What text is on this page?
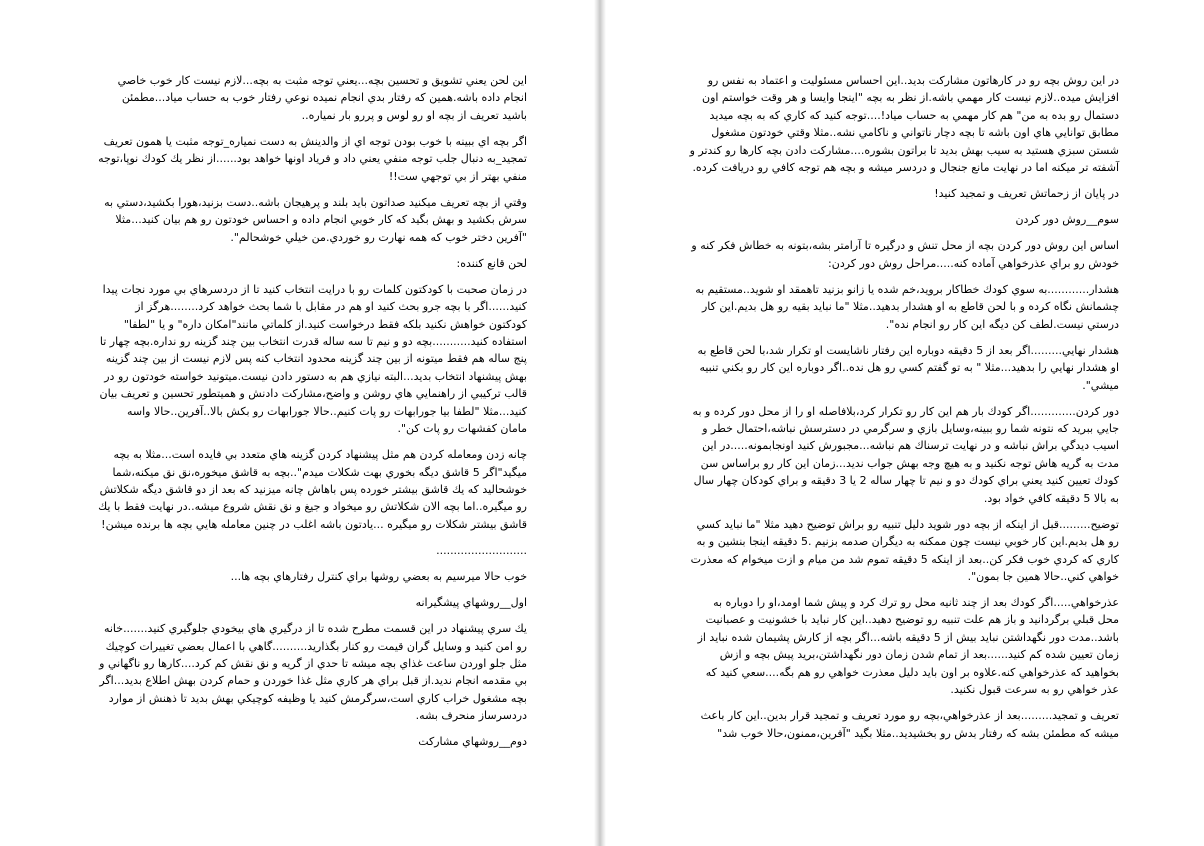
اين لحن يعني تشويق و تحسين بچه...يعني توجه مثبت به بچه...لازم نيست كار خوب خاصي انجام داده باشه.همين كه رفتار بدي انجام نميده نوعي رفتار خوب به حساب مياد...مطمئن باشيد تعريف از بچه او رو لوس و پررو بار نمياره..

اگر بچه اي ببينه با خوب بودن توجه اي از والدينش به دست نمياره_توجه مثبت يا همون تعريف تمجيد_به دنبال جلب توجه منفي يعني داد و فرياد اونها خواهد بود......از نظر يك كودك نوپا،توجه منفي بهتر از بي توجهي ست!!

وقتي از بچه تعريف ميكنيد صداتون بايد بلند و پرهيجان باشه..دست بزنيد،هورا بكشيد،دستي به سرش بكشيد و بهش بگيد كه كار خوبي انجام داده و احساس خودتون رو هم بيان كنيد...مثلا "آفرين دختر خوب كه همه نهارت رو خوردي.من خيلي خوشحالم".

لحن قانع كننده:

در زمان صحبت با كودكتون كلمات رو با درايت انتخاب كنيد تا از دردسرهاي بي مورد نجات پيدا كنيد......اگر با بچه جرو بحث كنيد او هم در مقابل با شما بحث خواهد كرد........هرگز از كودكتون خواهش نكنيد بلكه فقط درخواست كنيد.از كلماتي مانند"امكان داره" و يا "لطفا" استفاده كنيد...........بچه دو و نيم تا سه ساله قدرت انتخاب بين چند گزينه رو نداره.بچه چهار تا پنج ساله هم فقط ميتونه از بين چند گزينه محدود انتخاب كنه پس لازم نيست از بين چند گزينه بهش پيشنهاد انتخاب بديد...البته نيازي هم به دستور دادن نيست.ميتونيد خواسته خودتون رو در قالب تركيبي از راهنمايي هاي روشن و واضح،مشاركت دادنش و هميتطور تحسين و تعريف بيان كنيد...مثلا "لطفا بيا جورابهات رو پات كنيم..حالا جورابهات رو بكش بالا..آفرين..حالا واسه مامان كفشهات رو پات كن".

چانه زدن ومعامله كردن هم مثل پيشنهاد كردن گزينه هاي متعدد بي فايده است...مثلا به بچه ميگيد"اگر 5 قاشق ديگه بخوري بهت شكلات ميدم"..بچه به قاشق ميخوره،نق نق ميكنه،شما خوشحاليد كه يك قاشق بيشتر خورده پس باهاش چانه ميزنيد كه بعد از دو قاشق ديگه شكلاتش رو ميگيره..اما بچه الان شكلاتش رو ميخواد و جيغ و نق نقش شروع ميشه..در نهايت فقط با يك قاشق بيشتر شكلات رو ميگيره ...يادتون باشه اغلب در چنين معامله هايي بچه ها برنده ميشن!

..........................

خوب حالا ميرسيم به بعضي روشها براي كنترل رفتارهاي بچه ها...

اول__روشهاي پيشگيرانه

يك سري پيشنهاد در اين قسمت مطرح شده تا از درگيري هاي بيخودي جلوگيري كنيد.......خانه رو امن كنيد و وسايل گران قيمت رو كنار بگذاريد..........گاهي با اعمال بعضي تغييرات كوچيك مثل جلو اوردن ساعت غذاي بچه ميشه تا حدي از گريه و نق نقش كم كرد....كارها رو ناگهاني و بي مقدمه انجام نديد.از قبل براي هر كاري مثل غذا خوردن و حمام كردن بهش اطلاع بديد...اگر بچه مشغول خراب كاري است،سرگرمش كنيد يا وظيفه كوچيكي بهش بديد تا ذهنش از موارد دردسرساز منحرف بشه.

دوم__روشهاي مشاركت

در اين روش بچه رو در كارهاتون مشاركت بديد..اين احساس مسئوليت و اعتماد به نفس رو افزايش ميده..لازم نيست كار مهمي باشه.از نظر به بچه "اينجا وايسا و هر وقت خواستم اون دستمال رو بده به من" هم كار مهمي به حساب مياد!....توجه كنيد كه كاري كه به بچه ميديد مطابق توانايي هاي اون باشه تا بچه دچار ناتواني و ناكامي نشه..مثلا وقتي خودتون مشغول شستن سبزي هستيد به سيب بهش بديد تا براتون بشوره....مشاركت دادن بچه كارها رو كندتر و آشفته تر ميكنه اما در نهايت مانع جنجال و دردسر ميشه و بچه هم توجه كافي رو دريافت كرده.

در پايان از زحماتش تعريف و تمجيد كنيد!

سوم__روش دور كردن

اساس اين روش دور كردن بچه از محل تنش و درگيره تا آرامتر بشه،بتونه به خطاش فكر كنه و خودش رو براي عذرخواهي آماده كنه.....مراحل روش دور كردن:

هشدار............به سوي كودك خطاكار برويد،خم شده يا زانو بزنيد تاهمقد او شويد..مستقيم به چشمانش نگاه كرده و با لحن قاطع به او هشدار بدهيد..مثلا "ما نبايد بقيه رو هل بديم.اين كار درستي نيست.لطف كن ديگه اين كار رو انجام نده".

هشدار نهايي.........اگر بعد از 5 دقيقه دوباره اين رفتار ناشايست او تكرار شد،با لحن قاطع به او هشدار نهايي را بدهيد...مثلا " به تو گفتم كسي رو هل نده..اگر دوباره اين كار رو بكني تنبيه ميشي".

دور كردن.............اگر كودك بار هم اين كار رو تكرار كرد،بلافاصله او را از محل دور كرده و به جايي ببريد كه نتونه شما رو ببينه،وسايل بازي و سرگرمي در دسترسش نباشه،احتمال خطر و اسيب ديدگي براش نباشه و در نهايت ترسناك هم نباشه...مجبورش كنيد اونجابمونه.....در اين مدت به گريه هاش توجه نكنيد و به هيچ وجه بهش جواب نديد...زمان اين كار رو براساس سن كودك تعيين كنيد يعني براي كودك دو و نيم تا چهار ساله 2 يا 3 دقيقه و براي كودكان چهار سال به بالا 5 دقيقه كافي خواد بود.

توضيح.........قبل از اينكه از بچه دور شويد دليل تنبيه رو براش توضيح دهيد مثلا "ما نبايد كسي رو هل بديم.اين كار خوبي نيست چون ممكنه به ديگران صدمه بزنيم .5 دقيقه اينجا بنشين و به كاري كه كردي خوب فكر كن..بعد از اينكه 5 دقيقه تموم شد من ميام و ازت ميخوام كه معذرت خواهي كني..حالا همين جا بمون".

عذرخواهي.....اگر كودك بعد از چند ثانيه محل رو ترك كرد و پيش شما اومد،او را دوباره به محل قبلي برگردانيد و باز هم علت تنبيه رو توضيح دهيد..اين كار نبايد با خشونيت و عصبانيت باشد..مدت دور نگهداشتن نبايد بيش از 5 دقيقه باشه...اگر بچه از كارش پشيمان شده نبايد از زمان تعيين شده كم كنيد......بعد از تمام شدن زمان دور نگهداشتن،بريد پيش بچه و ازش بخواهيد كه عذرخواهي كنه.علاوه بر اون بايد دليل معذرت خواهي رو هم بگه....سعي كنيد كه عذر خواهي رو به سرعت قبول نكنيد.

تعريف و تمجيد.........بعد از عذرخواهي،بچه رو مورد تعريف و تمجيد قرار بدين..اين كار باعث ميشه كه مطمئن بشه كه رفتار بدش رو بخشيديد..مثلا بگيد "آفرين،ممنون،حالا خوب شد"
